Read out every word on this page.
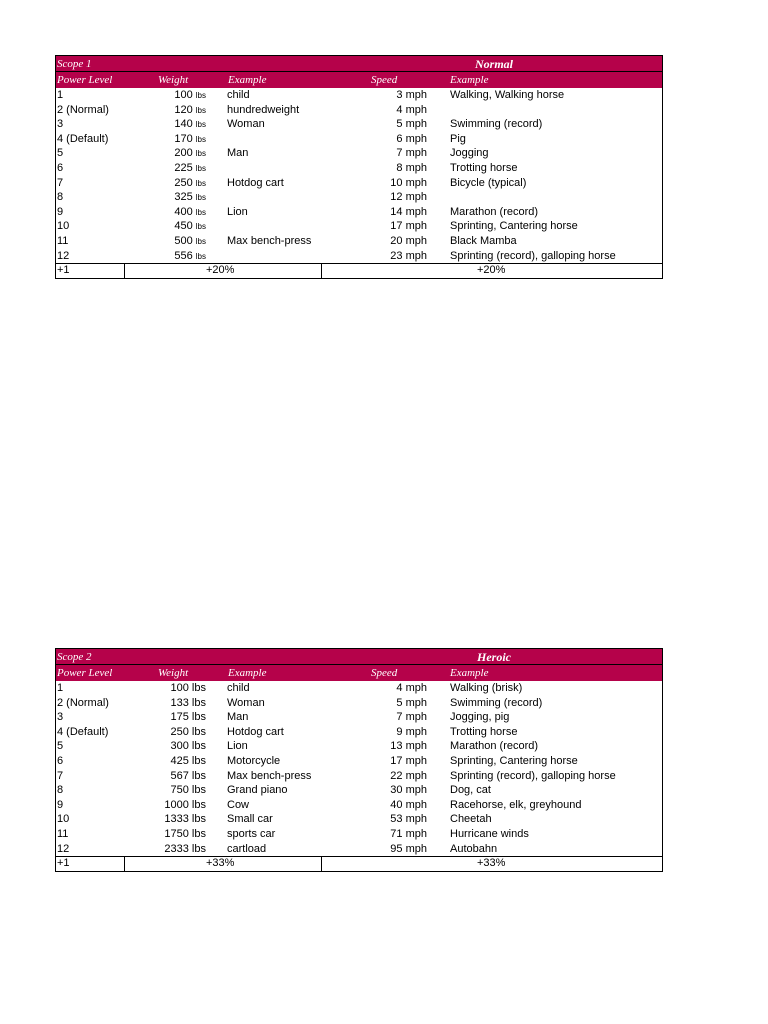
Scope 1	Normal
Power Level	Weight	Example	Speed	Example
1	100 lbs child	3 mph Walking, Walking horse
2 (Normal)	120 lbs hundredweight	4 mph
3	140 lbs Woman	5 mph Swimming (record)
4 (Default)	170 lbs	6 mph Pig
5	200 lbs Man	7 mph Jogging
6	225 lbs	8 mph Trotting horse
7	250 lbs Hotdog cart	10 mph Bicycle (typical)
8	325 lbs	12 mph
9	400 lbs Lion	14 mph Marathon (record)
10	450 lbs	17 mph Sprinting, Cantering horse
11	500 lbs Max bench-press	20 mph Black Mamba
12	556 lbs	23 mph Sprinting (record), galloping horse
+1	+20%	+20%
Scope 2	Heroic
Power Level	Weight	Example	Speed	Example
1	100 lbs child	4 mph Walking (brisk)
2 (Normal)	133 lbs Woman	5 mph Swimming (record)
3	175 lbs Man	7 mph Jogging, pig
4 (Default)	250 lbs Hotdog cart	9 mph Trotting horse
5	300 lbs Lion	13 mph Marathon (record)
6	425 lbs Motorcycle	17 mph Sprinting, Cantering horse
7	567 lbs Max bench-press	22 mph Sprinting (record), galloping horse
8	750 lbs Grand piano	30 mph Dog, cat
9	1000 lbs Cow	40 mph Racehorse, elk, greyhound
10	1333 lbs Small car	53 mph Cheetah
11	1750 lbs sports car	71 mph Hurricane winds
12	2333 lbs cartload	95 mph Autobahn
+1	+33%	+33%
